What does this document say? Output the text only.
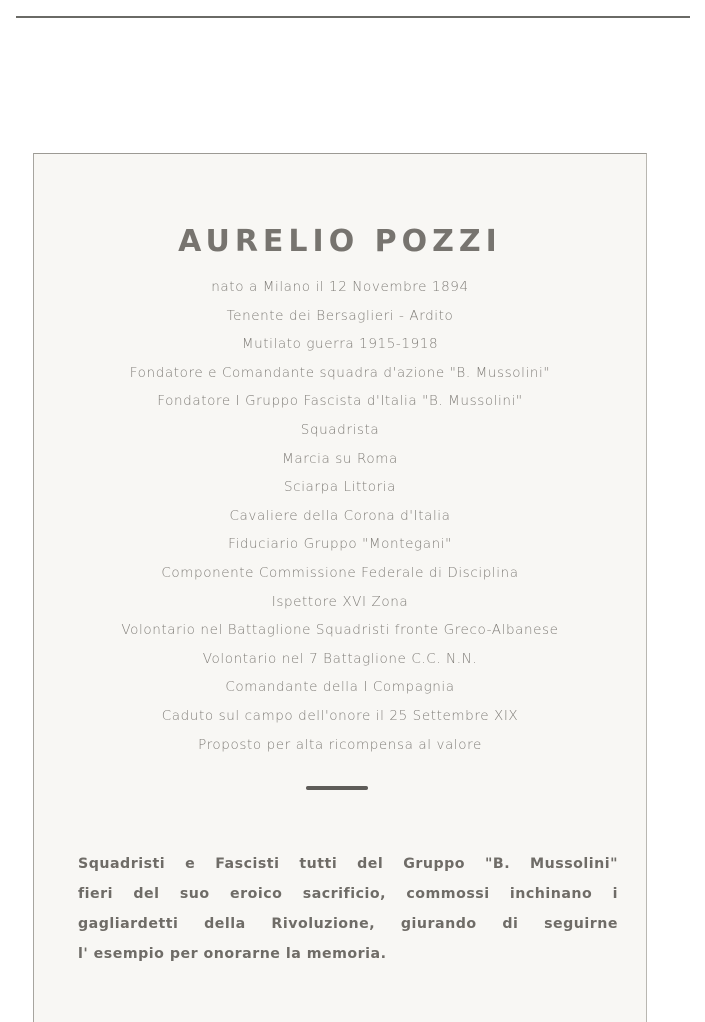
AURELIO POZZI
nato a Milano il 12 Novembre 1894
Tenente dei Bersaglieri - Ardito
Mutilato guerra 1915-1918
Fondatore e Comandante squadra d'azione "B. Mussolini"
Fondatore I Gruppo Fascista d'Italia "B. Mussolini"
Squadrista
Marcia su Roma
Sciarpa Littoria
Cavaliere della Corona d'Italia
Fiduciario Gruppo "Montegani"
Componente Commissione Federale di Disciplina
Ispettore XVI Zona
Volontario nel Battaglione Squadristi fronte Greco-Albanese
Volontario nel 7 Battaglione C.C. N.N.
Comandante della I Compagnia
Caduto sul campo dell'onore il 25 Settembre XIX
Proposto per alta ricompensa al valore
Squadristi e Fascisti tutti del Gruppo "B. Mussolini"
fieri del suo eroico sacrificio, commossi inchinano i
gagliardetti della Rivoluzione, giurando di seguirne
l' esempio per onorarne la memoria.
